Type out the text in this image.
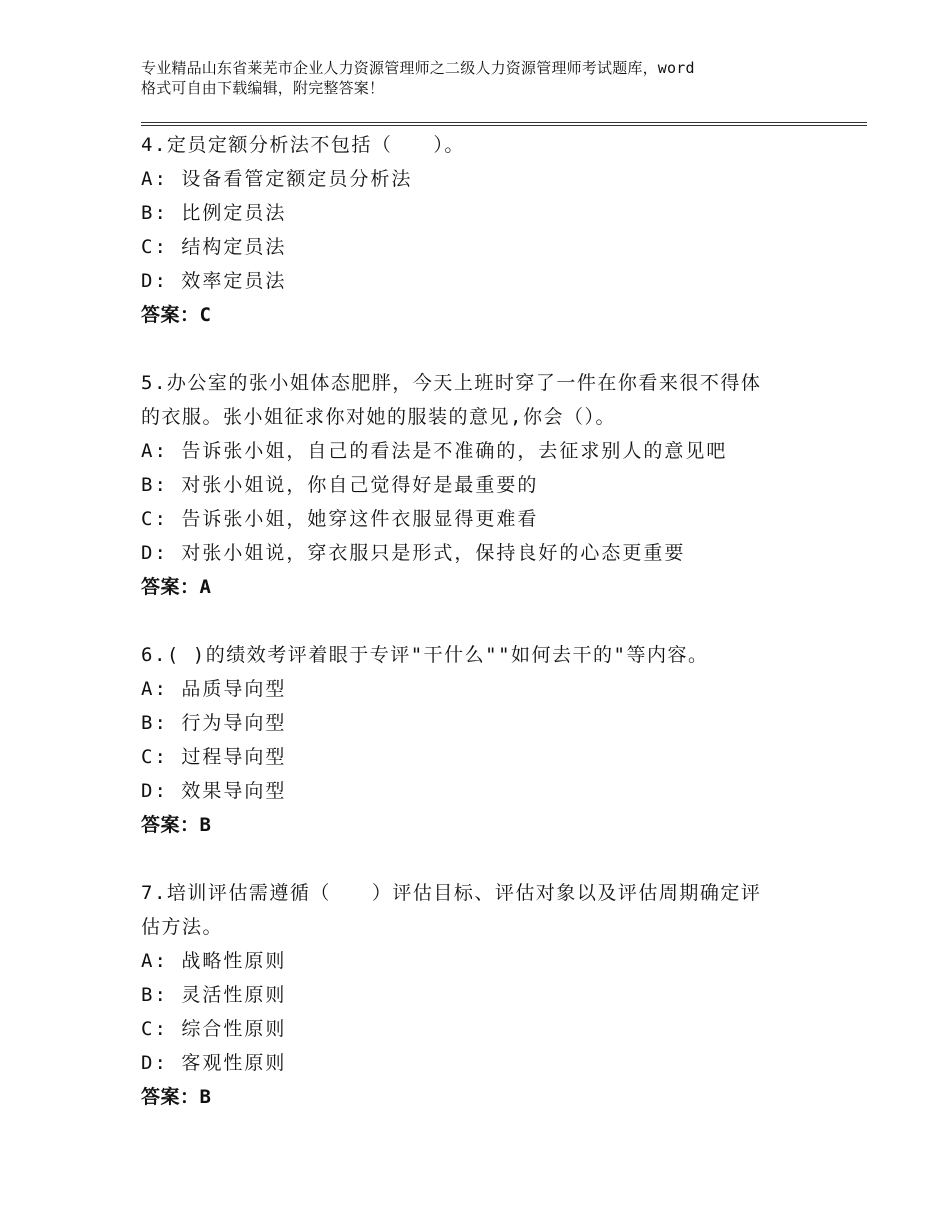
专业精品山东省莱芜市企业人力资源管理师之二级人力资源管理师考试题库，word
格式可自由下载编辑，附完整答案！
4.定员定额分析法不包括（　　）。
A: 设备看管定额定员分析法
B: 比例定员法
C: 结构定员法
D: 效率定员法
答案：C
5.办公室的张小姐体态肥胖，今天上班时穿了一件在你看来很不得体
的衣服。张小姐征求你对她的服装的意见,你会（）。
A: 告诉张小姐，自己的看法是不准确的，去征求别人的意见吧
B: 对张小姐说，你自己觉得好是最重要的
C: 告诉张小姐，她穿这件衣服显得更难看
D: 对张小姐说，穿衣服只是形式，保持良好的心态更重要
答案：A
6.( )的绩效考评着眼于专评"干什么""如何去干的"等内容。
A: 品质导向型
B: 行为导向型
C: 过程导向型
D: 效果导向型
答案：B
7.培训评估需遵循（　　）评估目标、评估对象以及评估周期确定评
估方法。
A: 战略性原则
B: 灵活性原则
C: 综合性原则
D: 客观性原则
答案：B
